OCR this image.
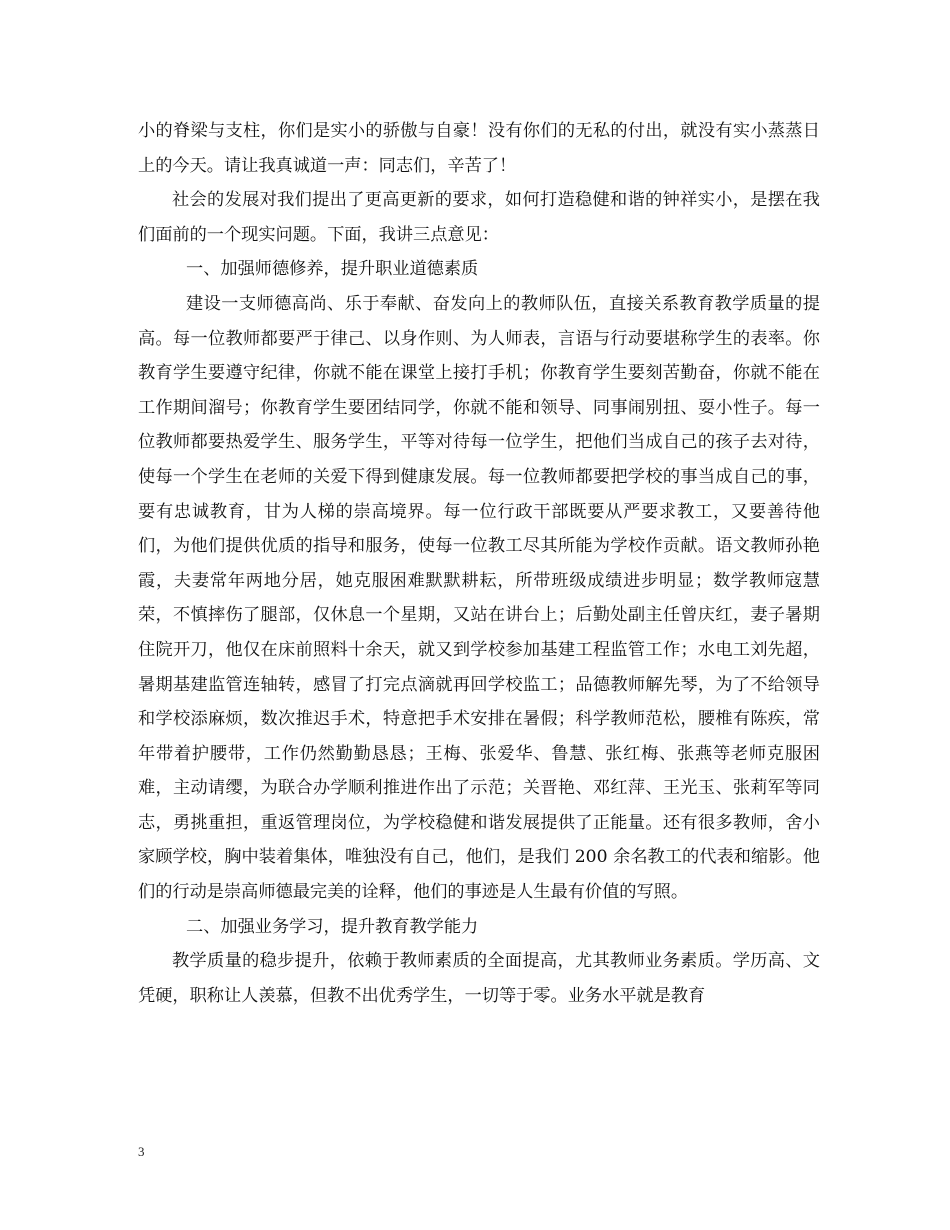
小的脊梁与支柱，你们是实小的骄傲与自豪！没有你们的无私的付出，就没有实小蒸蒸日上的今天。请让我真诚道一声：同志们，辛苦了！

社会的发展对我们提出了更高更新的要求，如何打造稳健和谐的钟祥实小，是摆在我们面前的一个现实问题。下面，我讲三点意见：

一、加强师德修养，提升职业道德素质

建设一支师德高尚、乐于奉献、奋发向上的教师队伍，直接关系教育教学质量的提高。每一位教师都要严于律己、以身作则、为人师表，言语与行动要堪称学生的表率。你教育学生要遵守纪律，你就不能在课堂上接打手机；你教育学生要刻苦勤奋，你就不能在工作期间溜号；你教育学生要团结同学，你就不能和领导、同事闹别扭、耍小性子。每一位教师都要热爱学生、服务学生，平等对待每一位学生，把他们当成自己的孩子去对待，使每一个学生在老师的关爱下得到健康发展。每一位教师都要把学校的事当成自己的事，要有忠诚教育，甘为人梯的崇高境界。每一位行政干部既要从严要求教工，又要善待他们，为他们提供优质的指导和服务，使每一位教工尽其所能为学校作贡献。语文教师孙艳霞，夫妻常年两地分居，她克服困难默默耕耘，所带班级成绩进步明显；数学教师寇慧荣，不慎摔伤了腿部，仅休息一个星期，又站在讲台上；后勤处副主任曾庆红，妻子暑期住院开刀，他仅在床前照料十余天，就又到学校参加基建工程监管工作；水电工刘先超，暑期基建监管连轴转，感冒了打完点滴就再回学校监工；品德教师解先琴，为了不给领导和学校添麻烦，数次推迟手术，特意把手术安排在暑假；科学教师范松，腰椎有陈疾，常年带着护腰带，工作仍然勤勤恳恳；王梅、张爱华、鲁慧、张红梅、张燕等老师克服困难，主动请缨，为联合办学顺利推进作出了示范；关晋艳、邓红萍、王光玉、张莉军等同志，勇挑重担，重返管理岗位，为学校稳健和谐发展提供了正能量。还有很多教师，舍小家顾学校，胸中装着集体，唯独没有自己，他们，是我们 200 余名教工的代表和缩影。他们的行动是崇高师德最完美的诠释，他们的事迹是人生最有价值的写照。

二、加强业务学习，提升教育教学能力

教学质量的稳步提升，依赖于教师素质的全面提高，尤其教师业务素质。学历高、文凭硬，职称让人羡慕，但教不出优秀学生，一切等于零。业务水平就是教育

3
